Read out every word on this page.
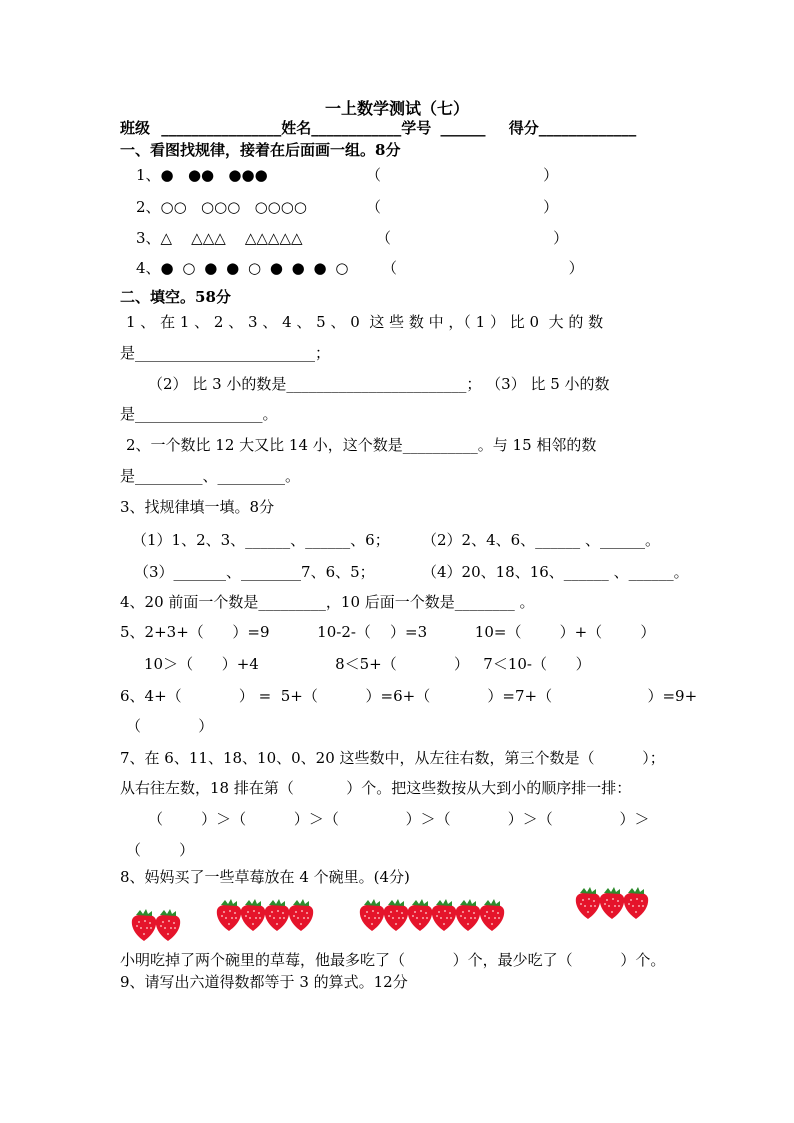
一上数学测试（七）
班级 ________________姓名____________学号 ______ 得分_____________
一、看图找规律，接着在后面画一组。8分
1、●   ●●   ●●●	（                                  ）
2、○○   ○○○   ○○○○	（                                  ）
3、△    △△△    △△△△△	（                                  ）
4、● ○ ● ● ○ ● ● ● ○ （                                    ）
二、填空。58分
1 、 在 1 、 2 、 3 、 4 、 5 、 0  这 些 数 中 ，（ 1 ） 比 0  大 的 数
是________________________；
（2） 比 3 小的数是________________________； （3） 比 5 小的数
是_________________。
2、一个数比 12 大又比 14 小，这个数是__________。与 15 相邻的数
是_________、_________。
3、找规律填一填。8分
（1）1、2、3、______、______、6； （2）2、4、6、______ 、______。
（3）_______、________7、6、5；	（4）20、18、16、______ 、______。
4、20 前面一个数是_________，10 后面一个数是________ 。
5、2+3+（      ）=9          10-2-（    ）=3          10=（        ）+（        ）
10＞（      ）+4                8＜5+（            ）   7＜10-（      ）
6、4+（            ） =  5+（          ）=6+（            ）=7+（                    ）=9+
（            ）
7、在 6、11、18、10、0、20 这些数中，从左往右数，第三个数是（          ）；
从右往左数，18 排在第（           ）个。把这些数按从大到小的顺序排一排：
（        ）＞（          ）＞（              ）＞（            ）＞（              ）＞
（        ）
8、妈妈买了一些草莓放在 4 个碗里。(4分)
小明吃掉了两个碗里的草莓，他最多吃了（          ）个，最少吃了（          ）个。
9、请写出六道得数都等于 3 的算式。12分
